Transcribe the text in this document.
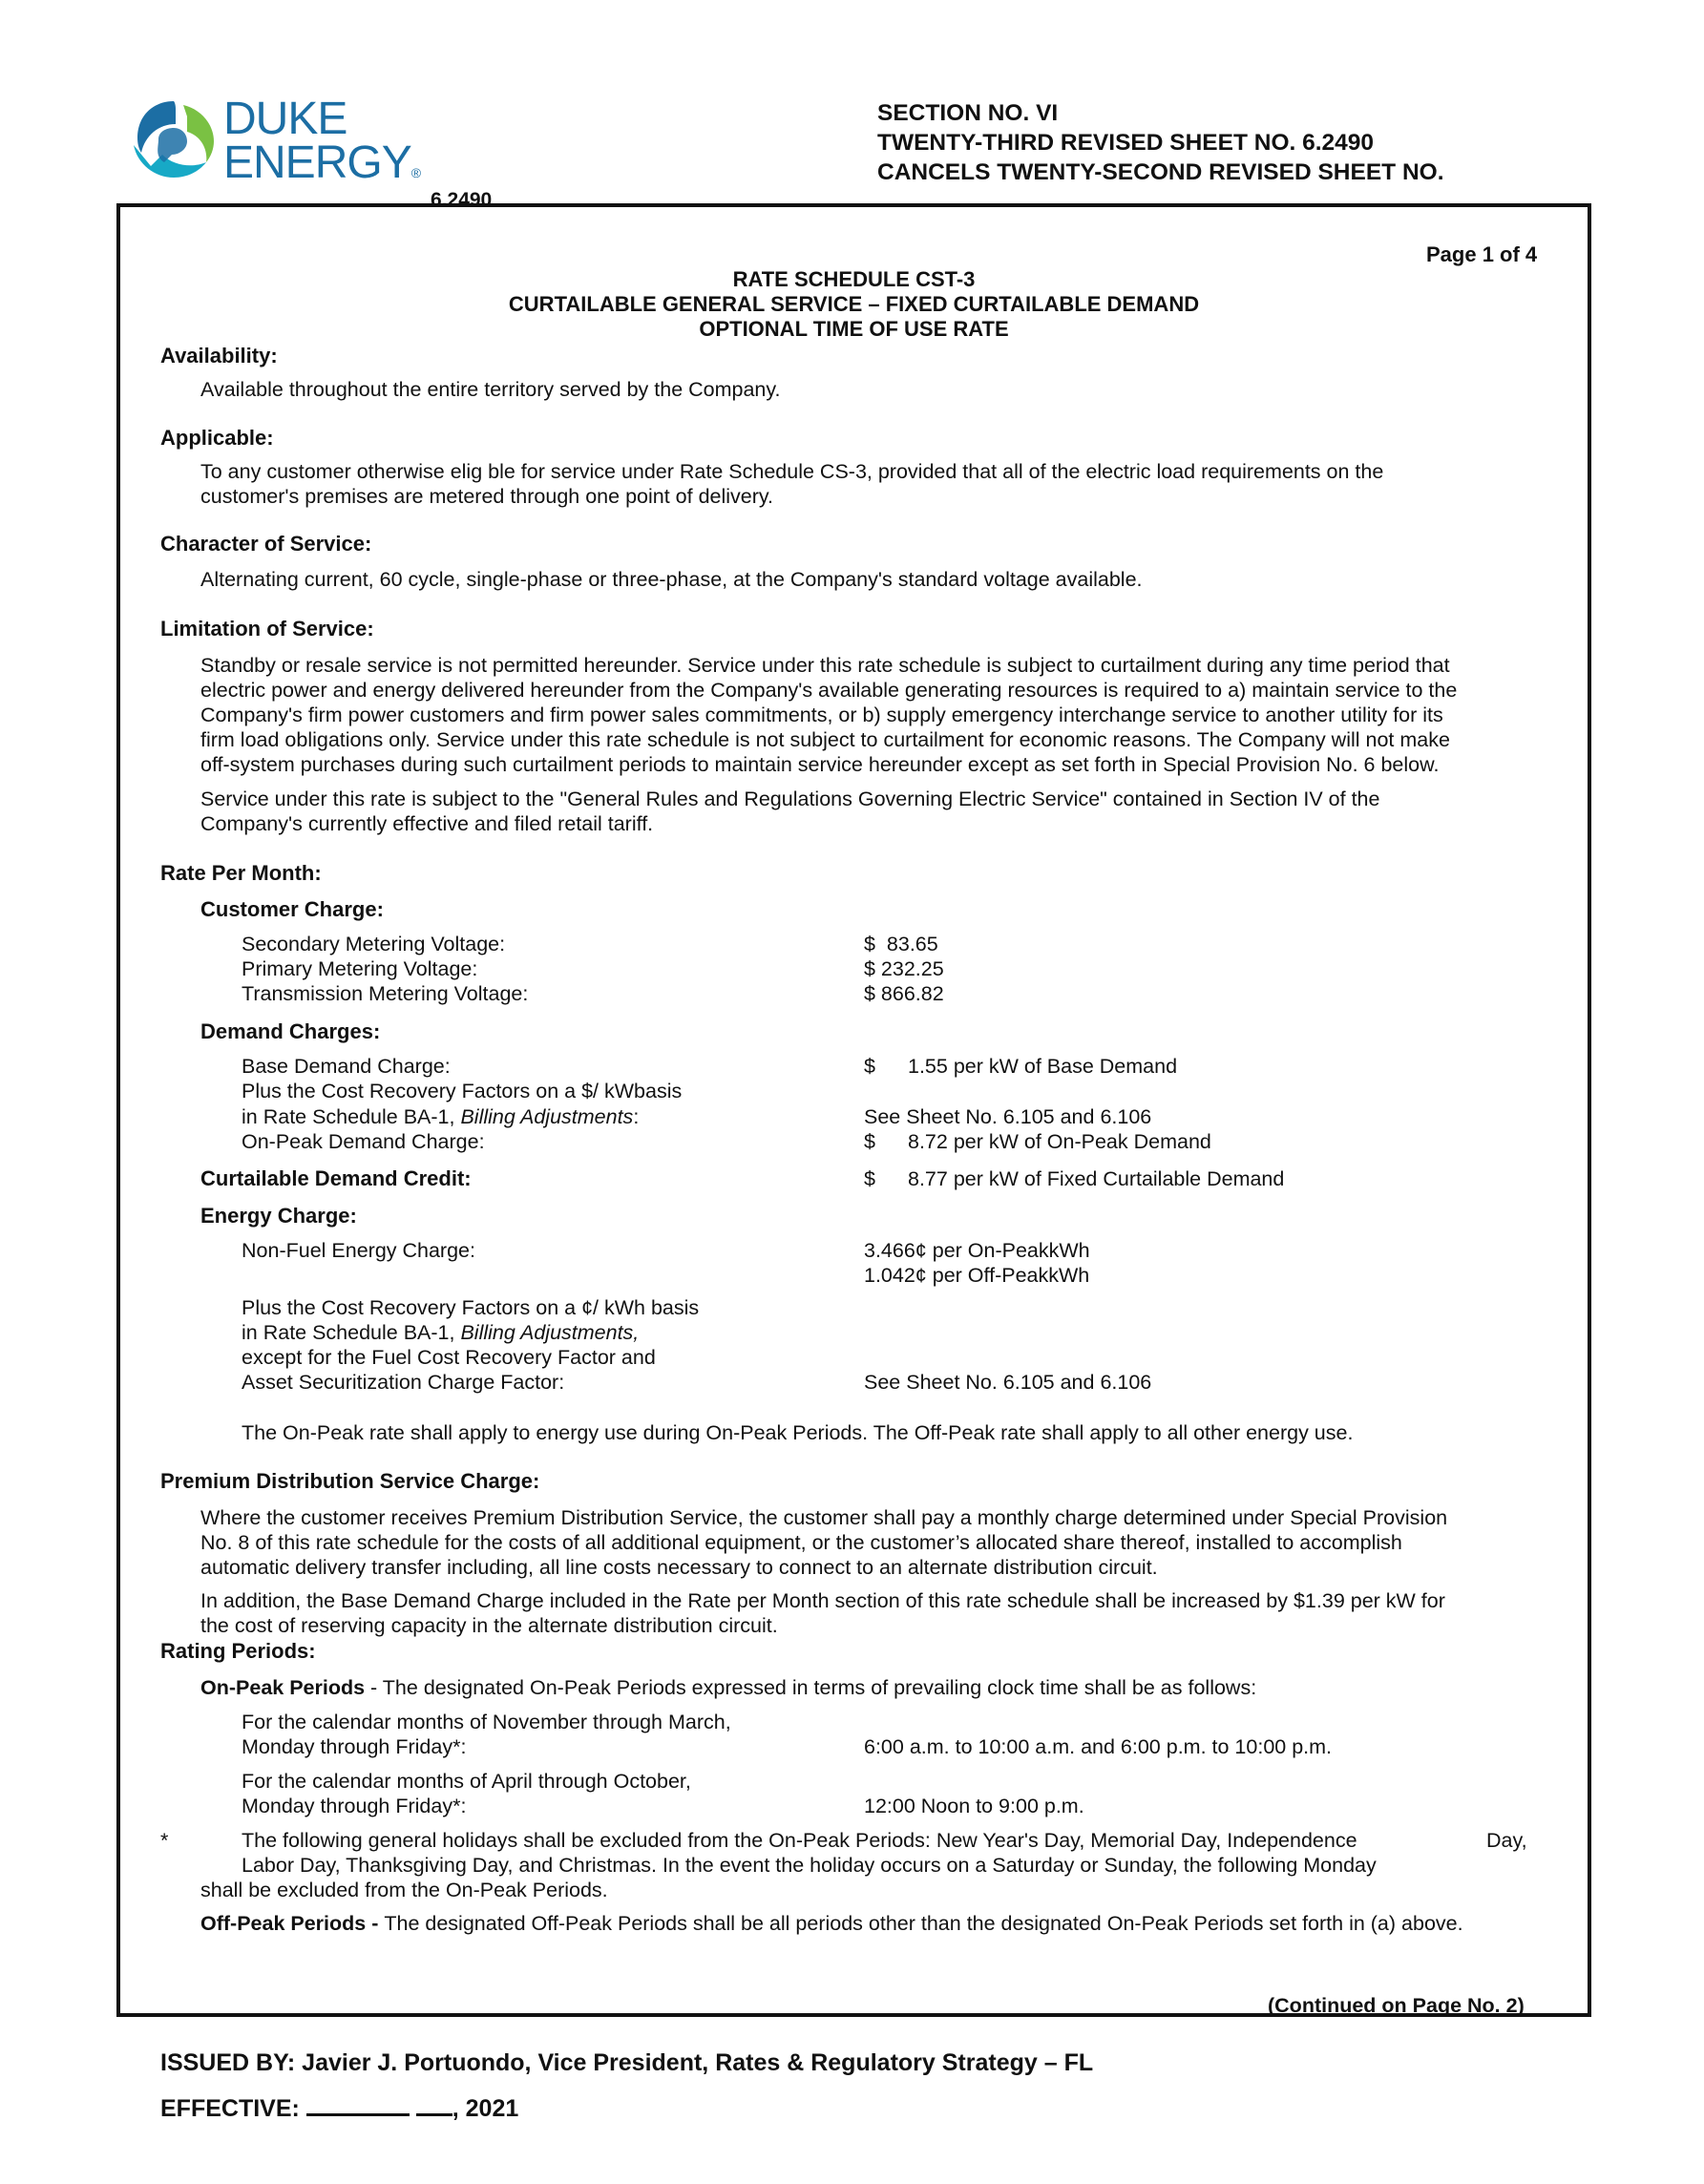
DUKE
ENERGY®
SECTION NO. VI
TWENTY-THIRD REVISED SHEET NO. 6.2490
CANCELS TWENTY-SECOND REVISED SHEET NO.
6.2490
Page 1 of 4
RATE SCHEDULE CST-3
CURTAILABLE GENERAL SERVICE – FIXED CURTAILABLE DEMAND
OPTIONAL TIME OF USE RATE
Availability:
Available throughout the entire territory served by the Company.
Applicable:
To any customer otherwise elig ble for service under Rate Schedule CS-3, provided that all of the electric load requirements on the
customer's premises are metered through one point of delivery.
Character of Service:
Alternating current, 60 cycle, single-phase or three-phase, at the Company's standard voltage available.
Limitation of Service:
Standby or resale service is not permitted hereunder. Service under this rate schedule is subject to curtailment during any time period that
electric power and energy delivered hereunder from the Company's available generating resources is required to a) maintain service to the
Company's firm power customers and firm power sales commitments, or b) supply emergency interchange service to another utility for its
firm load obligations only. Service under this rate schedule is not subject to curtailment for economic reasons. The Company will not make
off-system purchases during such curtailment periods to maintain service hereunder except as set forth in Special Provision No. 6 below.
Service under this rate is subject to the "General Rules and Regulations Governing Electric Service" contained in Section IV of the
Company's currently effective and filed retail tariff.
Rate Per Month:
Customer Charge:
Secondary Metering Voltage:	$  83.65
Primary Metering Voltage:	$ 232.25
Transmission Metering Voltage:	$ 866.82
Demand Charges:
Base Demand Charge:	$ 1.55 per kW of Base Demand
Plus the Cost Recovery Factors on a $/ kWbasis
in Rate Schedule BA-1, Billing Adjustments:	See Sheet No. 6.105 and 6.106
On-Peak Demand Charge:	$ 8.72 per kW of On-Peak Demand
Curtailable Demand Credit:	$ 8.77 per kW of Fixed Curtailable Demand
Energy Charge:
Non-Fuel Energy Charge:	3.466¢ per On-PeakkWh
1.042¢ per Off-PeakkWh
Plus the Cost Recovery Factors on a ¢/ kWh basis
in Rate Schedule BA-1, Billing Adjustments,
except for the Fuel Cost Recovery Factor and
Asset Securitization Charge Factor:	See Sheet No. 6.105 and 6.106
The On-Peak rate shall apply to energy use during On-Peak Periods. The Off-Peak rate shall apply to all other energy use.
Premium Distribution Service Charge:
Where the customer receives Premium Distribution Service, the customer shall pay a monthly charge determined under Special Provision
No. 8 of this rate schedule for the costs of all additional equipment, or the customer’s allocated share thereof, installed to accomplish
automatic delivery transfer including, all line costs necessary to connect to an alternate distribution circuit.
In addition, the Base Demand Charge included in the Rate per Month section of this rate schedule shall be increased by $1.39 per kW for
the cost of reserving capacity in the alternate distribution circuit.
Rating Periods:
On-Peak Periods - The designated On-Peak Periods expressed in terms of prevailing clock time shall be as follows:
For the calendar months of November through March,
Monday through Friday*:	6:00 a.m. to 10:00 a.m. and 6:00 p.m. to 10:00 p.m.
For the calendar months of April through October,
Monday through Friday*:	12:00 Noon to 9:00 p.m.
*	The following general holidays shall be excluded from the On-Peak Periods: New Year's Day, Memorial Day, Independence	Day,
Labor Day, Thanksgiving Day, and Christmas. In the event the holiday occurs on a Saturday or Sunday, the following Monday
shall be excluded from the On-Peak Periods.
Off-Peak Periods - The designated Off-Peak Periods shall be all periods other than the designated On-Peak Periods set forth in (a) above.
(Continued on Page No. 2)
ISSUED BY: Javier J. Portuondo, Vice President, Rates & Regulatory Strategy – FL
EFFECTIVE:	, 2021
